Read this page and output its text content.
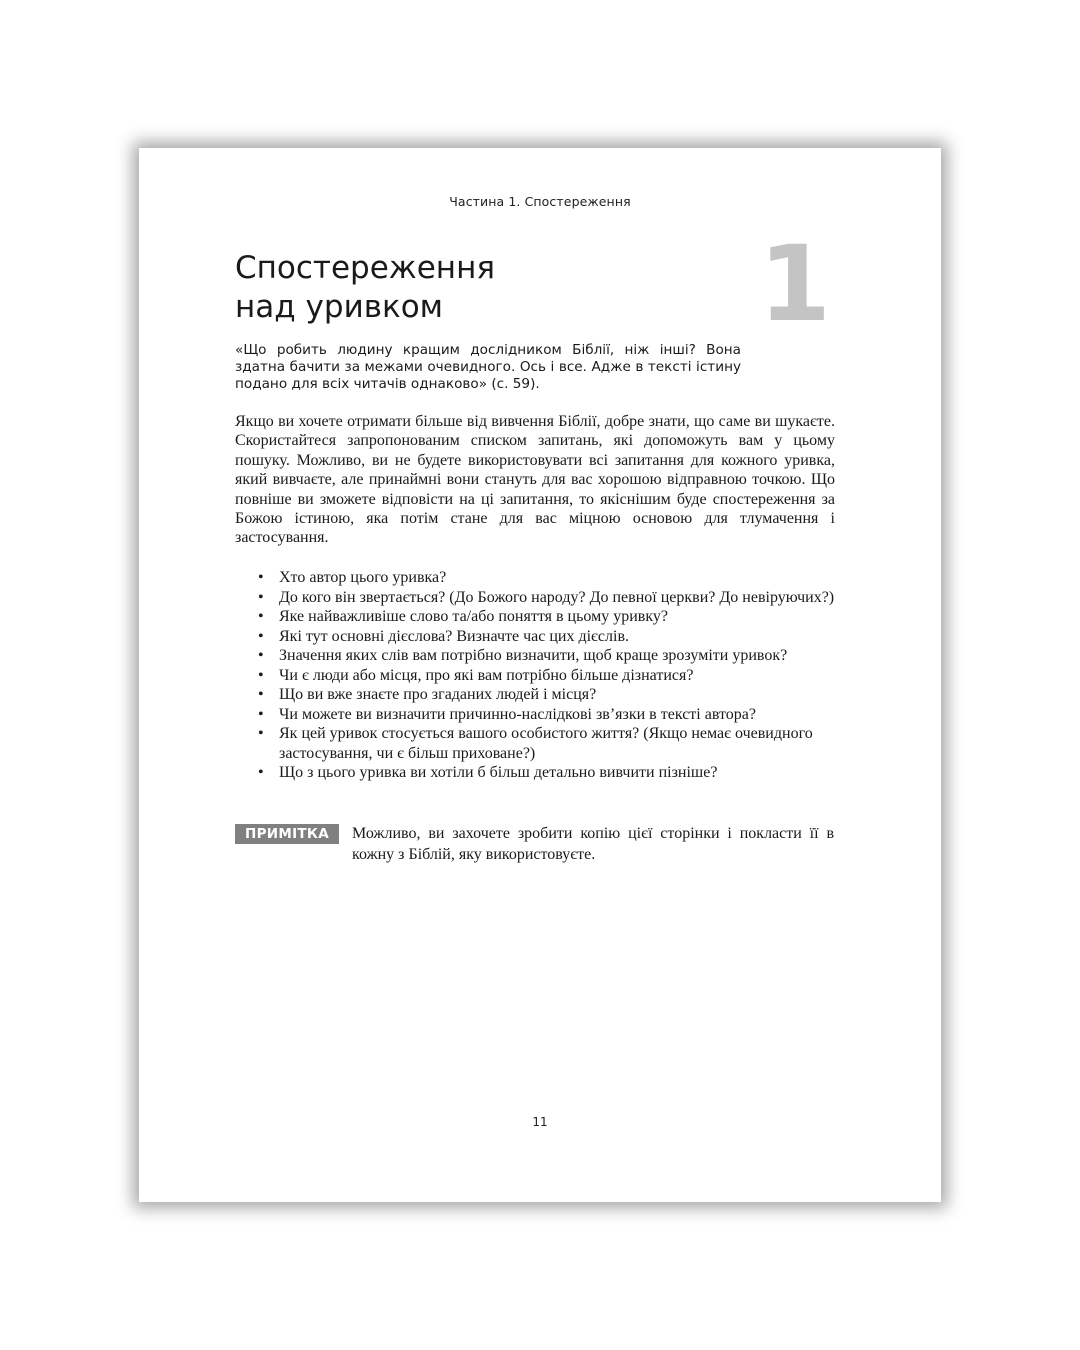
Частина 1. Спостереження
1
Спостереження
над уривком

«Що робить людину кращим дослідником Біблії, ніж інші? Вона здатна бачити за межами очевидного. Ось і все. Адже в тексті істину подано для всіх читачів однаково» (с. 59).

Якщо ви хочете отримати більше від вивчення Біблії, добре знати, що саме ви шукаєте. Скористайтеся запропонованим списком запитань, які допоможуть вам у цьому пошуку. Можливо, ви не будете використовувати всі запитання для кожного уривка, який вивчаєте, але принаймні вони стануть для вас хорошою відправною точкою. Що повніше ви зможете відповісти на ці запитання, то якіснішим буде спостереження за Божою істиною, яка потім стане для вас міцною основою для тлумачення і застосування.

• Хто автор цього уривка?
• До кого він звертається? (До Божого народу? До певної церкви? До невіруючих?)
• Яке найважливіше слово та/або поняття в цьому уривку?
• Які тут основні дієслова? Визначте час цих дієслів.
• Значення яких слів вам потрібно визначити, щоб краще зрозуміти уривок?
• Чи є люди або місця, про які вам потрібно більше дізнатися?
• Що ви вже знаєте про згаданих людей і місця?
• Чи можете ви визначити причинно-наслідкові зв’язки в тексті автора?
• Як цей уривок стосується вашого особистого життя? (Якщо немає очевидного застосування, чи є більш приховане?)
• Що з цього уривка ви хотіли б більш детально вивчити пізніше?
ПРИМІТКА	Можливо, ви захочете зробити копію цієї сторінки і покласти її в кожну з Біблій, яку використовуєте.

11
